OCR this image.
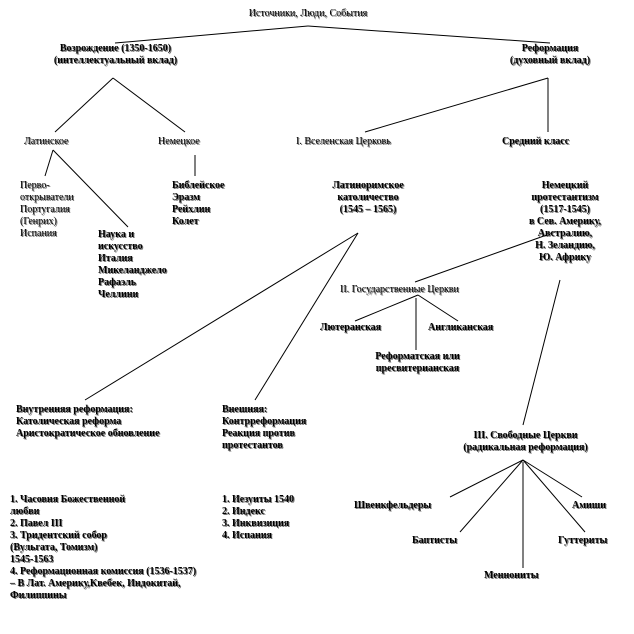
Источники, Люди, События
Возрождение (1350-1650)
(интеллектуальный вклад)
Реформация
(духовный вклад)
Латинское	Немецкое	I. Вселенская Церковь	Средний класс
Перво-
открыватели
Португалия
(Генрих)
Испания	Наука и
искусство
Италия
Микеланджело
Рафаэль
Челлини
Библейское
Эразм
Рейхлин
Колет
Латиноримское
католичество
(1545 – 1565)
Немецкий
протестантизм
(1517-1545)
в Сев. Америку,
Австралию,
Н. Зеландию,
Ю. Африку
II. Государственные Церкви
Лютеранская	Англиканская
Реформатская или
пресвитерианская
Внутренняя реформация:
Католическая реформа
Аристократическое обновление
Внешняя:
Контрреформация
Реакция против
протестантов
III. Свободные Церкви
(радикальная реформация)
Швенкфельдеры	Амиши
Баптисты	Гуттериты
Меннониты
1. Часовня Божественной
любви
2. Павел III
3. Тридентский собор
(Вульгата, Томизм)
1545-1563
4. Реформационная комиссия (1536-1537)
– В Лат. Америку,Квебек, Индокитай,
Филиппины
1. Иезуиты 1540
2. Индекс
3. Инквизиция
4. Испания
